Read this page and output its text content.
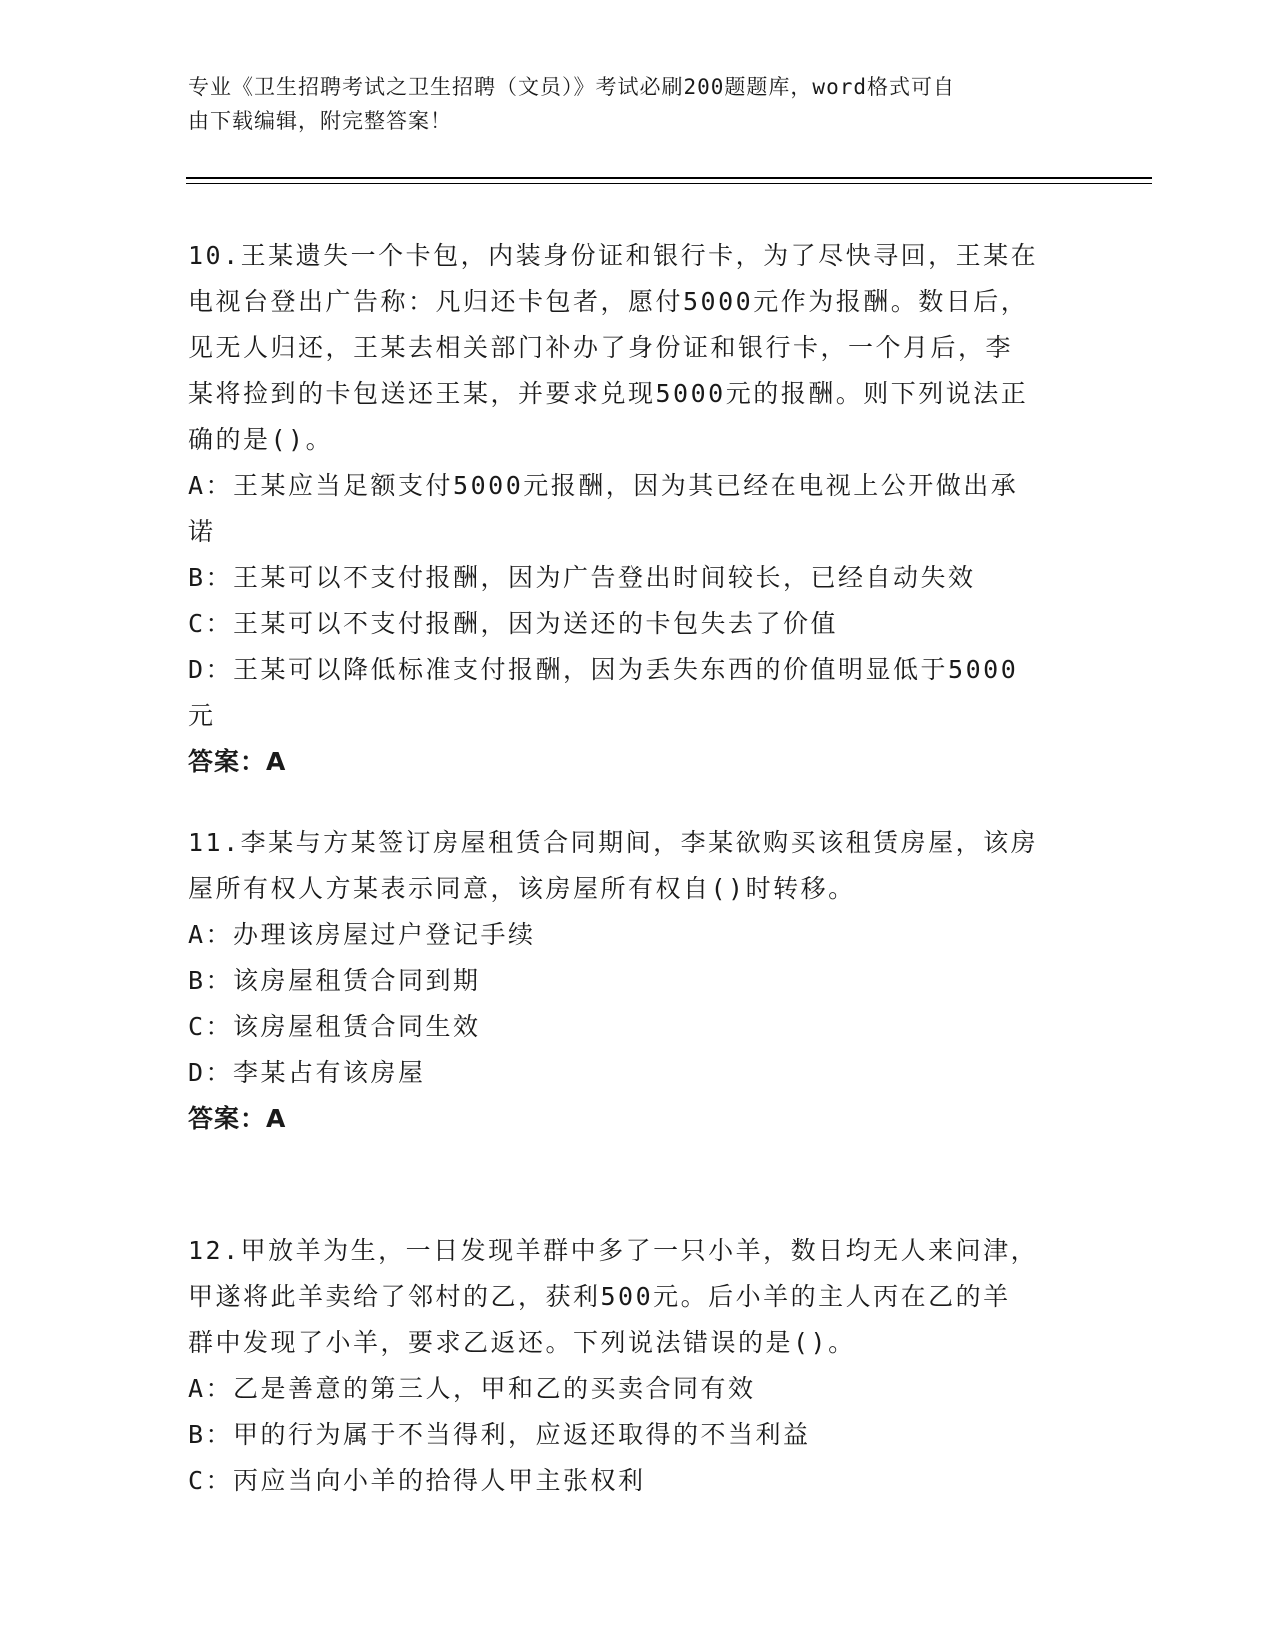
专业《卫生招聘考试之卫生招聘（文员）》考试必刷200题题库，word格式可自

由下载编辑，附完整答案！

10.王某遗失一个卡包，内装身份证和银行卡，为了尽快寻回，王某在

电视台登出广告称：凡归还卡包者，愿付5000元作为报酬。数日后，

见无人归还，王某去相关部门补办了身份证和银行卡，一个月后，李

某将捡到的卡包送还王某，并要求兑现5000元的报酬。则下列说法正

确的是()。

A：王某应当足额支付5000元报酬，因为其已经在电视上公开做出承

诺

B：王某可以不支付报酬，因为广告登出时间较长，已经自动失效

C：王某可以不支付报酬，因为送还的卡包失去了价值

D：王某可以降低标准支付报酬，因为丢失东西的价值明显低于5000

元

答案：A

11.李某与方某签订房屋租赁合同期间，李某欲购买该租赁房屋，该房

屋所有权人方某表示同意，该房屋所有权自()时转移。

A：办理该房屋过户登记手续

B：该房屋租赁合同到期

C：该房屋租赁合同生效

D：李某占有该房屋

答案：A

12.甲放羊为生，一日发现羊群中多了一只小羊，数日均无人来问津，

甲遂将此羊卖给了邻村的乙，获利500元。后小羊的主人丙在乙的羊

群中发现了小羊，要求乙返还。下列说法错误的是()。

A：乙是善意的第三人，甲和乙的买卖合同有效

B：甲的行为属于不当得利，应返还取得的不当利益

C：丙应当向小羊的拾得人甲主张权利
